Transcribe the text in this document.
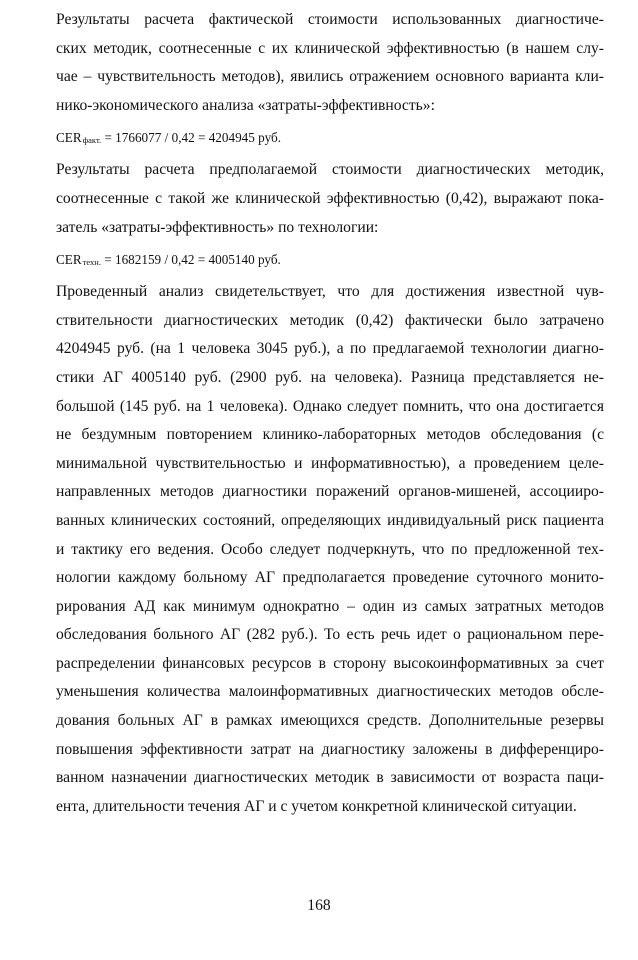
Результаты расчета фактической стоимости использованных диагностиче-
ских методик, соотнесенные с их клинической эффективностью (в нашем слу-
чае – чувствительность методов), явились отражением основного варианта кли-
нико-экономического анализа «затраты-эффективность»:

$CER_{факт.} = 1766077 / 0,42 = 4204945$ руб.

Результаты расчета предполагаемой стоимости диагностических методик,
соотнесенные с такой же клинической эффективностью (0,42), выражают пока-
затель «затраты-эффективность» по технологии:

$CER_{техн.} = 1682159 / 0,42 = 4005140$ руб.

Проведенный анализ свидетельствует, что для достижения известной чув-
ствительности диагностических методик (0,42) фактически было затрачено
4204945 руб. (на 1 человека 3045 руб.), а по предлагаемой технологии диагно-
стики АГ 4005140 руб. (2900 руб. на человека). Разница представляется не-
большой (145 руб. на 1 человека). Однако следует помнить, что она достигается
не бездумным повторением клинико-лабораторных методов обследования (с
минимальной чувствительностью и информативностью), а проведением целе-
направленных методов диагностики поражений органов-мишеней, ассоцииро-
ванных клинических состояний, определяющих индивидуальный риск пациента
и тактику его ведения. Особо следует подчеркнуть, что по предложенной тех-
нологии каждому больному АГ предполагается проведение суточного монито-
рирования АД как минимум однократно – один из самых затратных методов
обследования больного АГ (282 руб.). То есть речь идет о рациональном пере-
распределении финансовых ресурсов в сторону высокоинформативных за счет
уменьшения количества малоинформативных диагностических методов обсле-
дования больных АГ в рамках имеющихся средств. Дополнительные резервы
повышения эффективности затрат на диагностику заложены в дифференциро-
ванном назначении диагностических методик в зависимости от возраста паци-
ента, длительности течения АГ и с учетом конкретной клинической ситуации.

168
